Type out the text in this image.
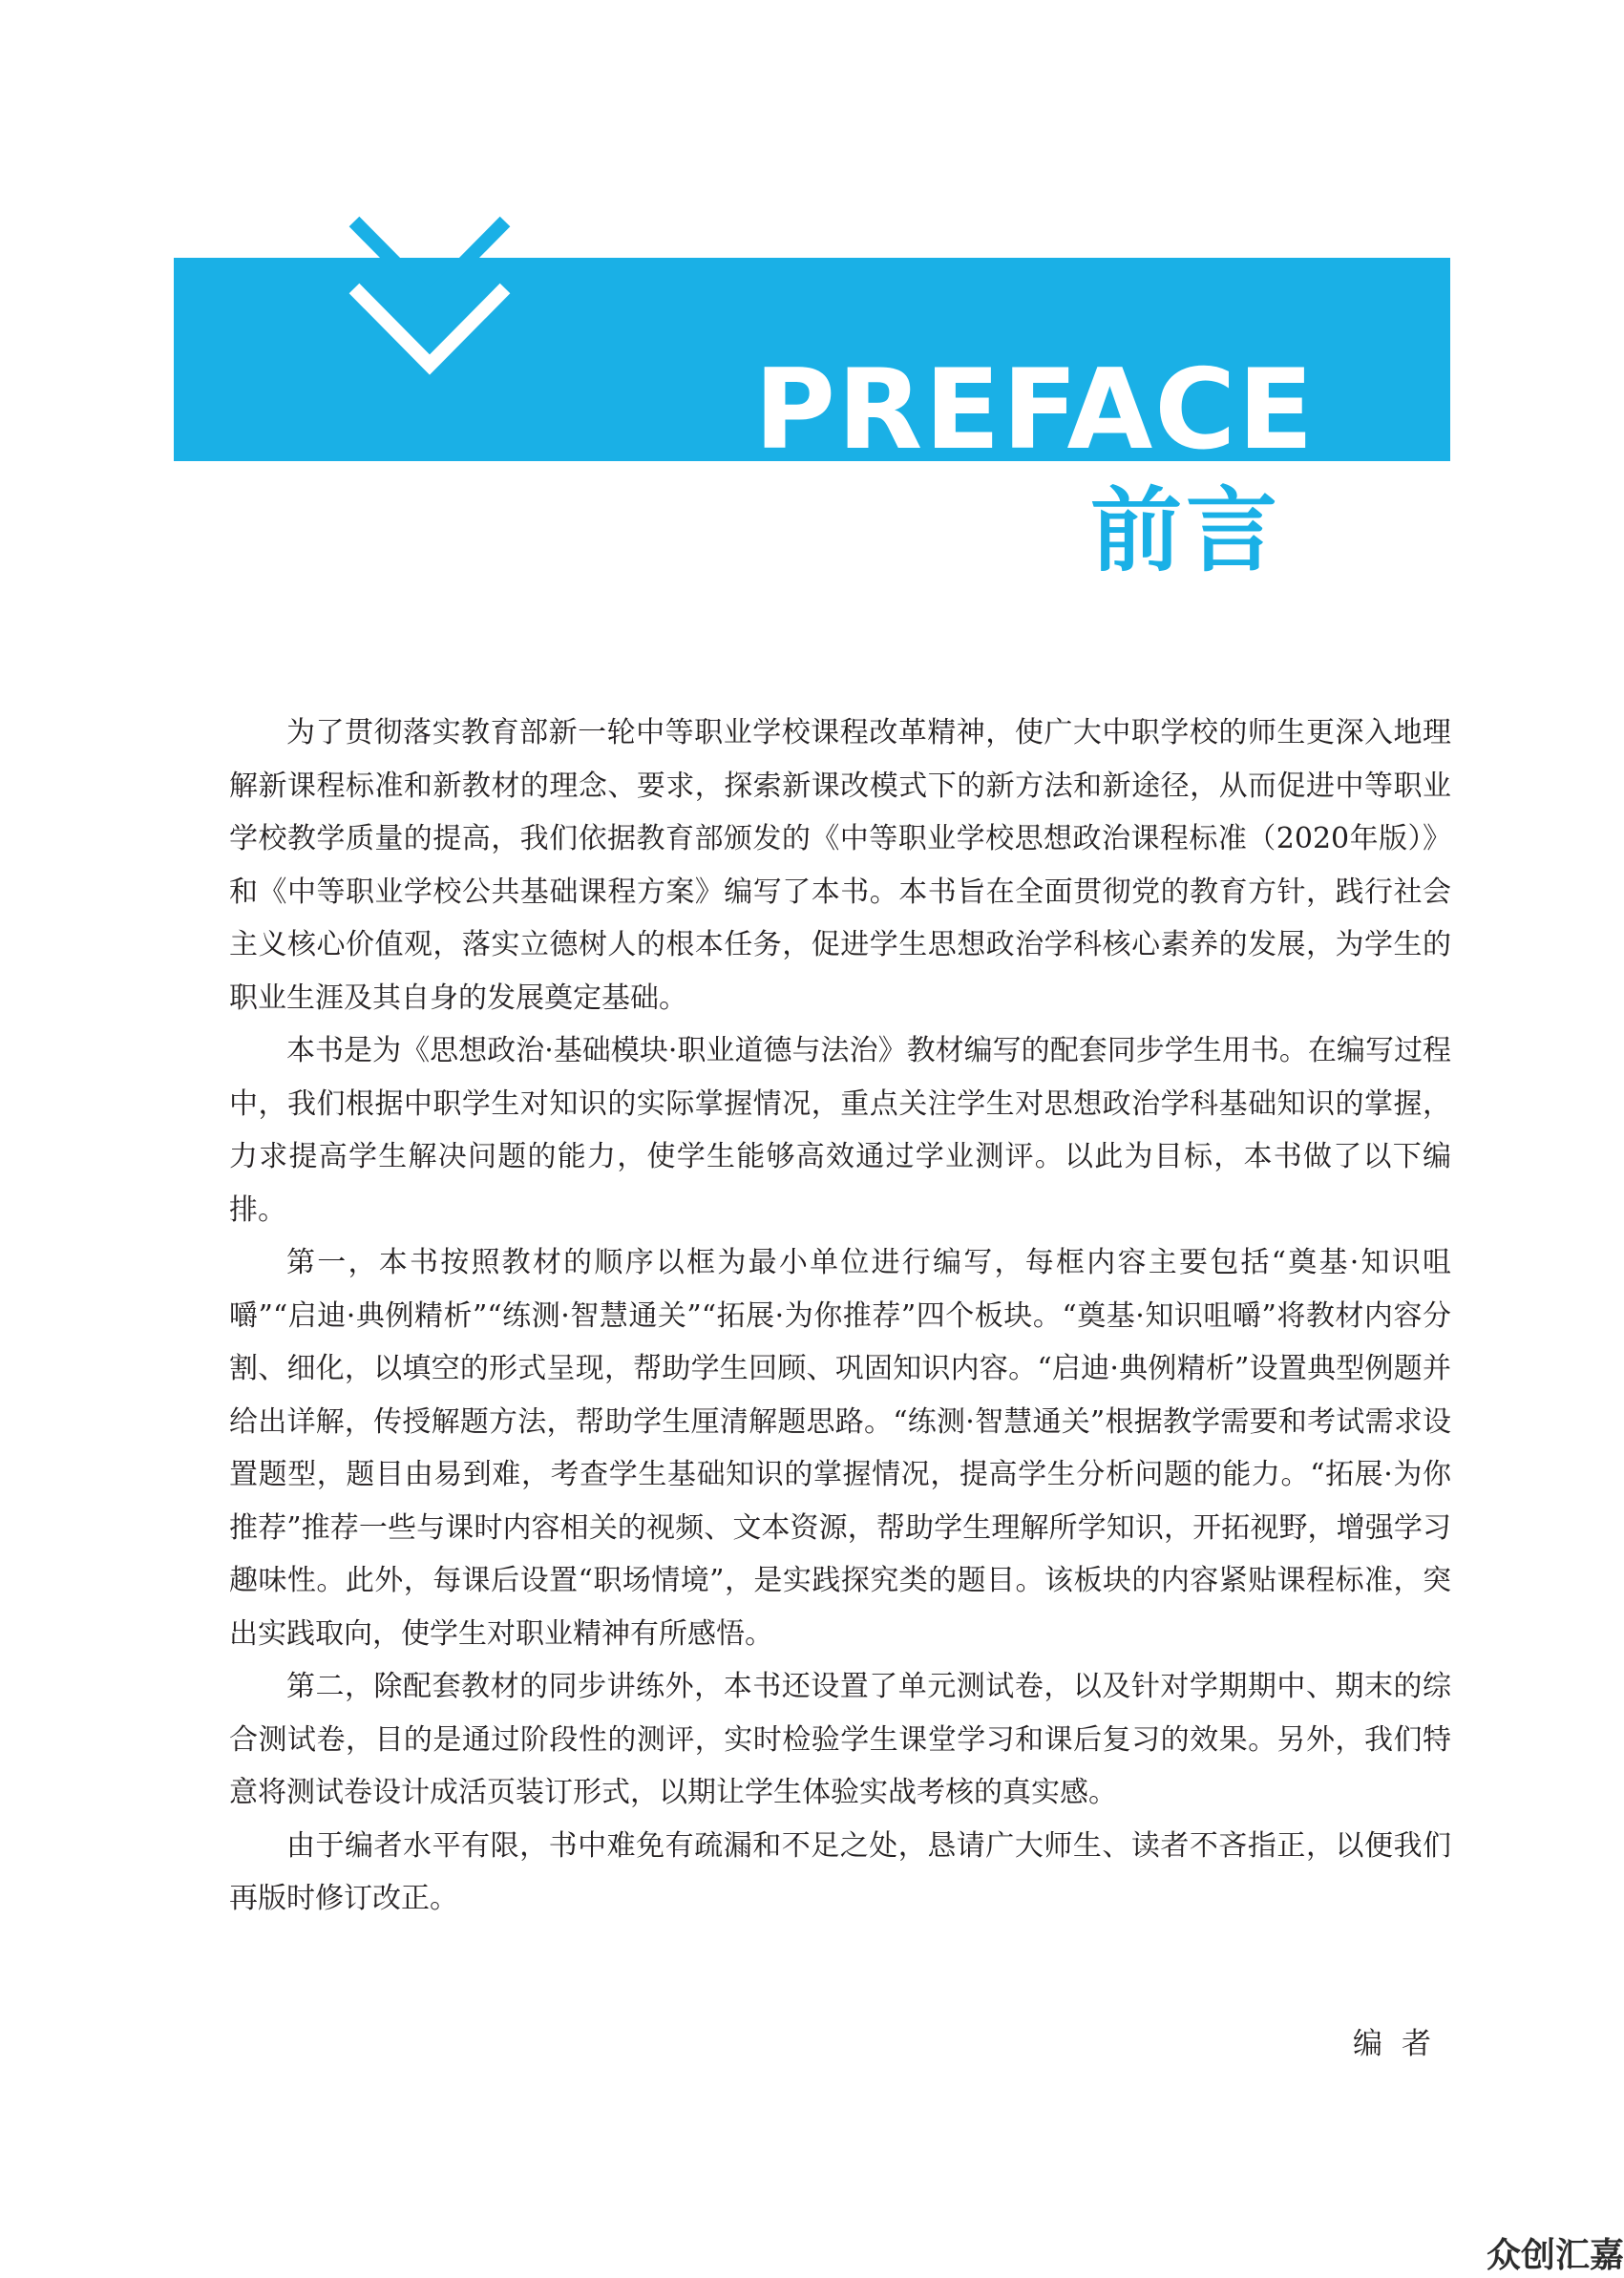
PREFACE
前言

为了贯彻落实教育部新一轮中等职业学校课程改革精神，使广大中职学校的师生更深入地理解新课程标准和新教材的理念、要求，探索新课改模式下的新方法和新途径，从而促进中等职业学校教学质量的提高，我们依据教育部颁发的《中等职业学校思想政治课程标准（2020年版）》和《中等职业学校公共基础课程方案》编写了本书。本书旨在全面贯彻党的教育方针，践行社会主义核心价值观，落实立德树人的根本任务，促进学生思想政治学科核心素养的发展，为学生的职业生涯及其自身的发展奠定基础。

本书是为《思想政治·基础模块·职业道德与法治》教材编写的配套同步学生用书。在编写过程中，我们根据中职学生对知识的实际掌握情况，重点关注学生对思想政治学科基础知识的掌握，力求提高学生解决问题的能力，使学生能够高效通过学业测评。以此为目标，本书做了以下编排。

第一，本书按照教材的顺序以框为最小单位进行编写，每框内容主要包括“奠基·知识咀嚼”“启迪·典例精析”“练测·智慧通关”“拓展·为你推荐”四个板块。“奠基·知识咀嚼”将教材内容分割、细化，以填空的形式呈现，帮助学生回顾、巩固知识内容。“启迪·典例精析”设置典型例题并给出详解，传授解题方法，帮助学生厘清解题思路。“练测·智慧通关”根据教学需要和考试需求设置题型，题目由易到难，考查学生基础知识的掌握情况，提高学生分析问题的能力。“拓展·为你推荐”推荐一些与课时内容相关的视频、文本资源，帮助学生理解所学知识，开拓视野，增强学习趣味性。此外，每课后设置“职场情境”，是实践探究类的题目。该板块的内容紧贴课程标准，突出实践取向，使学生对职业精神有所感悟。

第二，除配套教材的同步讲练外，本书还设置了单元测试卷，以及针对学期期中、期末的综合测试卷，目的是通过阶段性的测评，实时检验学生课堂学习和课后复习的效果。另外，我们特意将测试卷设计成活页装订形式，以期让学生体验实战考核的真实感。

由于编者水平有限，书中难免有疏漏和不足之处，恳请广大师生、读者不吝指正，以便我们再版时修订改正。

编者
众创汇嘉
